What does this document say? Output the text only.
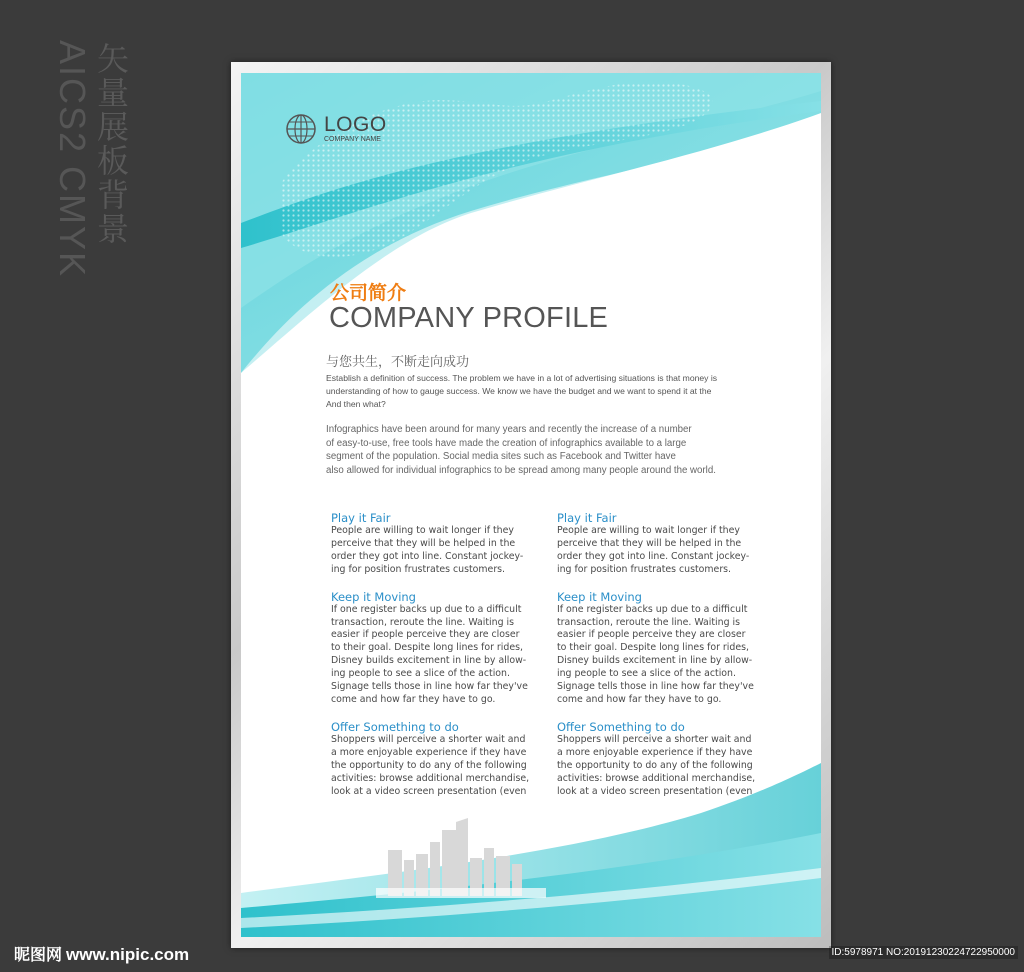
AICS2 CMYK 矢量展板背景	LOGO
COMPANY NAME
公司简介
COMPANY PROFILE
与您共生，不断走向成功
Establish a definition of success. The problem we have in a lot of advertising situations is that money is
understanding of how to gauge success. We know we have the budget and we want to spend it at the
And then what?
Infographics have been around for many years and recently the increase of a number
of easy-to-use, free tools have made the creation of infographics available to a large
segment of the population. Social media sites such as Facebook and Twitter have
also allowed for individual infographics to be spread among many people around the world.
Play it Fair
People are willing to wait longer if they
perceive that they will be helped in the
order they got into line. Constant jockey-
ing for position frustrates customers.
Keep it Moving
If one register backs up due to a difficult
transaction, reroute the line. Waiting is
easier if people perceive they are closer
to their goal. Despite long lines for rides,
Disney builds excitement in line by allow-
ing people to see a slice of the action.
Signage tells those in line how far they've
come and how far they have to go.
Offer Something to do
Shoppers will perceive a shorter wait and
a more enjoyable experience if they have
the opportunity to do any of the following
activities: browse additional merchandise,
look at a video screen presentation (even
Play it Fair
People are willing to wait longer if they
perceive that they will be helped in the
order they got into line. Constant jockey-
ing for position frustrates customers.
Keep it Moving
If one register backs up due to a difficult
transaction, reroute the line. Waiting is
easier if people perceive they are closer
to their goal. Despite long lines for rides,
Disney builds excitement in line by allow-
ing people to see a slice of the action.
Signage tells those in line how far they've
come and how far they have to go.
Offer Something to do
Shoppers will perceive a shorter wait and
a more enjoyable experience if they have
the opportunity to do any of the following
activities: browse additional merchandise,
look at a video screen presentation (even
昵图网 www.nipic.com	ID:5978971 NO:20191230224722950000
